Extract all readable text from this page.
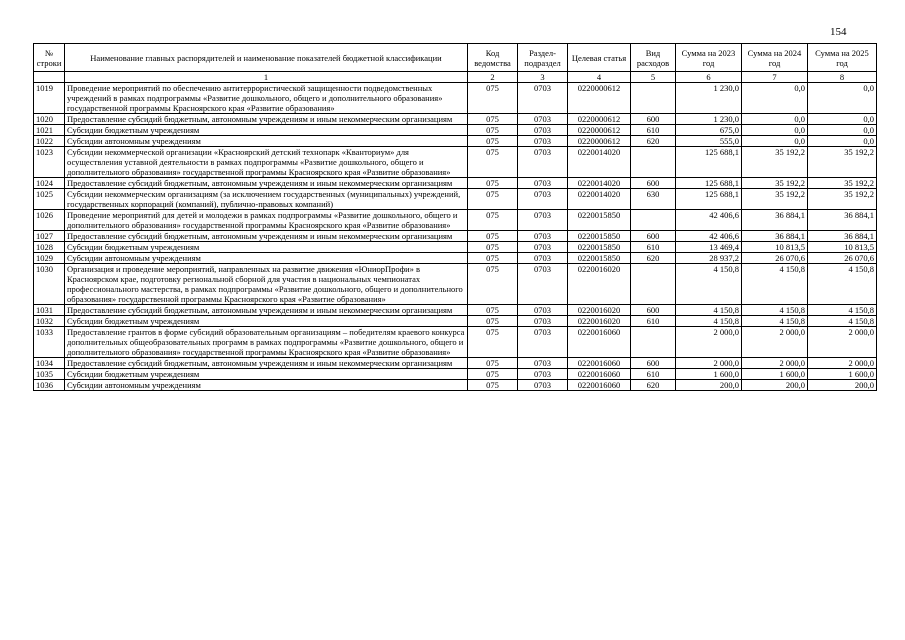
154
№ строки	Наименование главных распорядителей и наименование показателей бюджетной классификации	Код ведомства	Раздел-подраздел	Целевая статья	Вид расходов	Сумма на 2023 год	Сумма на 2024 год	Сумма на 2025 год
	1	2	3	4	5	6	7	8
1019	Проведение мероприятий по обеспечению антитеррористической защищенности подведомственных учреждений в рамках подпрограммы «Развитие дошкольного, общего и дополнительного образования» государственной программы Красноярского края «Развитие образования»	075	0703	0220000612		1 230,0	0,0	0,0
1020	Предоставление субсидий бюджетным, автономным учреждениям и иным некоммерческим организациям	075	0703	0220000612	600	1 230,0	0,0	0,0
1021	Субсидии бюджетным учреждениям	075	0703	0220000612	610	675,0	0,0	0,0
1022	Субсидии автономным учреждениям	075	0703	0220000612	620	555,0	0,0	0,0
1023	Субсидии некоммерческой организации «Красноярский детский технопарк «Кванториум» для осуществления уставной деятельности в рамках подпрограммы «Развитие дошкольного, общего и дополнительного образования» государственной программы Красноярского края «Развитие образования»	075	0703	0220014020		125 688,1	35 192,2	35 192,2
1024	Предоставление субсидий бюджетным, автономным учреждениям и иным некоммерческим организациям	075	0703	0220014020	600	125 688,1	35 192,2	35 192,2
1025	Субсидии некоммерческим организациям (за исключением государственных (муниципальных) учреждений, государственных корпораций (компаний), публично-правовых компаний)	075	0703	0220014020	630	125 688,1	35 192,2	35 192,2
1026	Проведение мероприятий для детей и молодежи в рамках подпрограммы «Развитие дошкольного, общего и дополнительного образования» государственной программы Красноярского края «Развитие образования»	075	0703	0220015850		42 406,6	36 884,1	36 884,1
1027	Предоставление субсидий бюджетным, автономным учреждениям и иным некоммерческим организациям	075	0703	0220015850	600	42 406,6	36 884,1	36 884,1
1028	Субсидии бюджетным учреждениям	075	0703	0220015850	610	13 469,4	10 813,5	10 813,5
1029	Субсидии автономным учреждениям	075	0703	0220015850	620	28 937,2	26 070,6	26 070,6
1030	Организация и проведение мероприятий, направленных на развитие движения «ЮниорПрофи» в Красноярском крае, подготовку региональной сборной для участия в национальных чемпионатах профессионального мастерства, в рамках подпрограммы «Развитие дошкольного, общего и дополнительного образования» государственной программы Красноярского края «Развитие образования»	075	0703	0220016020		4 150,8	4 150,8	4 150,8
1031	Предоставление субсидий бюджетным, автономным учреждениям и иным некоммерческим организациям	075	0703	0220016020	600	4 150,8	4 150,8	4 150,8
1032	Субсидии бюджетным учреждениям	075	0703	0220016020	610	4 150,8	4 150,8	4 150,8
1033	Предоставление грантов в форме субсидий образовательным организациям – победителям краевого конкурса дополнительных общеобразовательных программ в рамках подпрограммы «Развитие дошкольного, общего и дополнительного образования» государственной программы Красноярского края «Развитие образования»	075	0703	0220016060		2 000,0	2 000,0	2 000,0
1034	Предоставление субсидий бюджетным, автономным учреждениям и иным некоммерческим организациям	075	0703	0220016060	600	2 000,0	2 000,0	2 000,0
1035	Субсидии бюджетным учреждениям	075	0703	0220016060	610	1 600,0	1 600,0	1 600,0
1036	Субсидии автономным учреждениям	075	0703	0220016060	620	200,0	200,0	200,0
